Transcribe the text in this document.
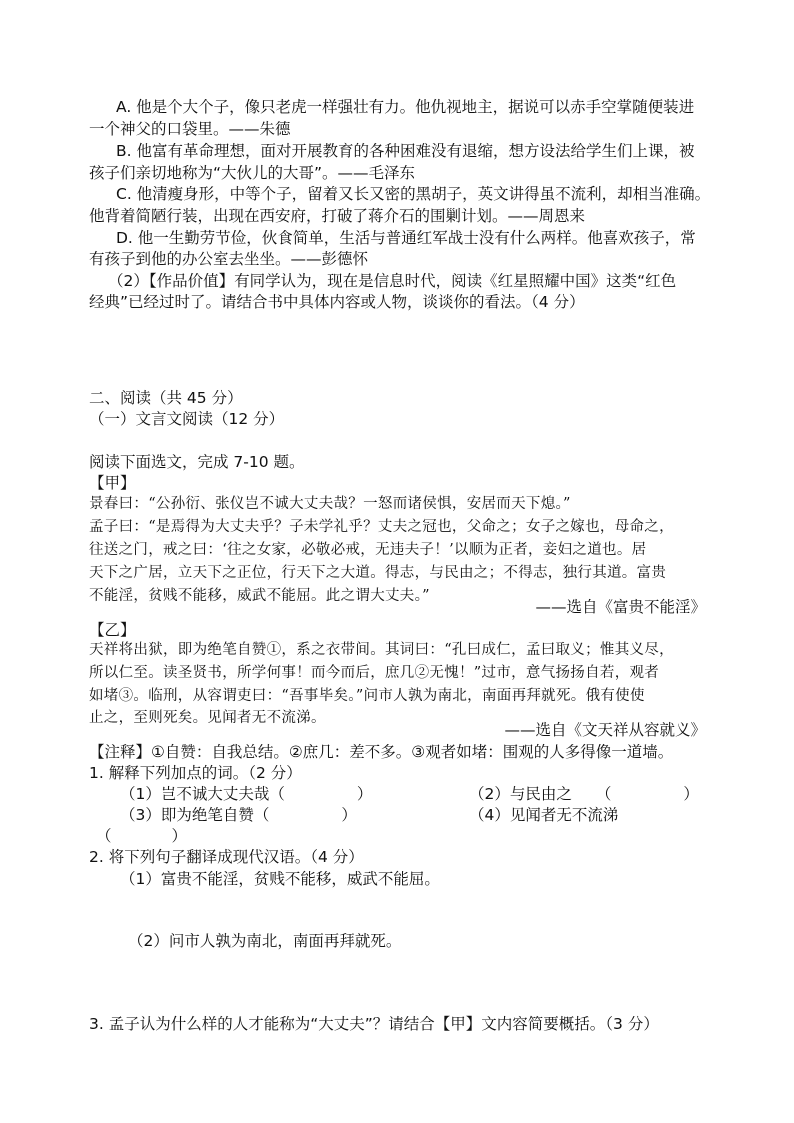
A. 他是个大个子，像只老虎一样强壮有力。他仇视地主，据说可以赤手空掌随便装进
一个神父的口袋里。——朱德
B. 他富有革命理想，面对开展教育的各种困难没有退缩，想方设法给学生们上课，被
孩子们亲切地称为“大伙儿的大哥”。——毛泽东
C. 他清瘦身形，中等个子，留着又长又密的黑胡子，英文讲得虽不流利，却相当准确。
他背着简陋行装，出现在西安府，打破了蒋介石的围剿计划。——周恩来
D. 他一生勤劳节俭，伙食简单，生活与普通红军战士没有什么两样。他喜欢孩子，常
有孩子到他的办公室去坐坐。——彭德怀
（2）【作品价值】有同学认为，现在是信息时代，阅读《红星照耀中国》这类“红色
经典”已经过时了。请结合书中具体内容或人物，谈谈你的看法。（4 分）
二、阅读（共 45 分）
（一）文言文阅读（12 分）
阅读下面选文，完成 7-10 题。
【甲】
景春曰：“公孙衍、张仪岂不诚大丈夫哉？一怒而诸侯惧，安居而天下熄。”
孟子曰：“是焉得为大丈夫乎？子未学礼乎？丈夫之冠也，父命之；女子之嫁也，母命之，
往送之门，戒之曰：‘往之女家，必敬必戒，无违夫子！’以顺为正者，妾妇之道也。居
天下之广居，立天下之正位，行天下之大道。得志，与民由之；不得志，独行其道。富贵
不能淫，贫贱不能移，威武不能屈。此之谓大丈夫。”
——选自《富贵不能淫》
【乙】
天祥将出狱，即为绝笔自赞①，系之衣带间。其词曰：“孔曰成仁，孟曰取义；惟其义尽，
所以仁至。读圣贤书，所学何事！而今而后，庶几②无愧！”过市，意气扬扬自若，观者
如堵③。临刑，从容谓吏曰：“吾事毕矣。”问市人孰为南北，南面再拜就死。俄有使使
止之，至则死矣。见闻者无不流涕。
——选自《文天祥从容就义》
【注释】①自赞：自我总结。②庶几：差不多。③观者如堵：围观的人多得像一道墙。
1. 解释下列加点的词。（2 分）
（1）岂不诚大丈夫哉（	）	（2）与民由之 （	）
（3）即为绝笔自赞（	）	（4）见闻者无不流涕
（	）
2. 将下列句子翻译成现代汉语。（4 分）
（1）富贵不能淫，贫贱不能移，威武不能屈。
（2）问市人孰为南北，南面再拜就死。
3. 孟子认为什么样的人才能称为“大丈夫”？请结合【甲】文内容简要概括。（3 分）
